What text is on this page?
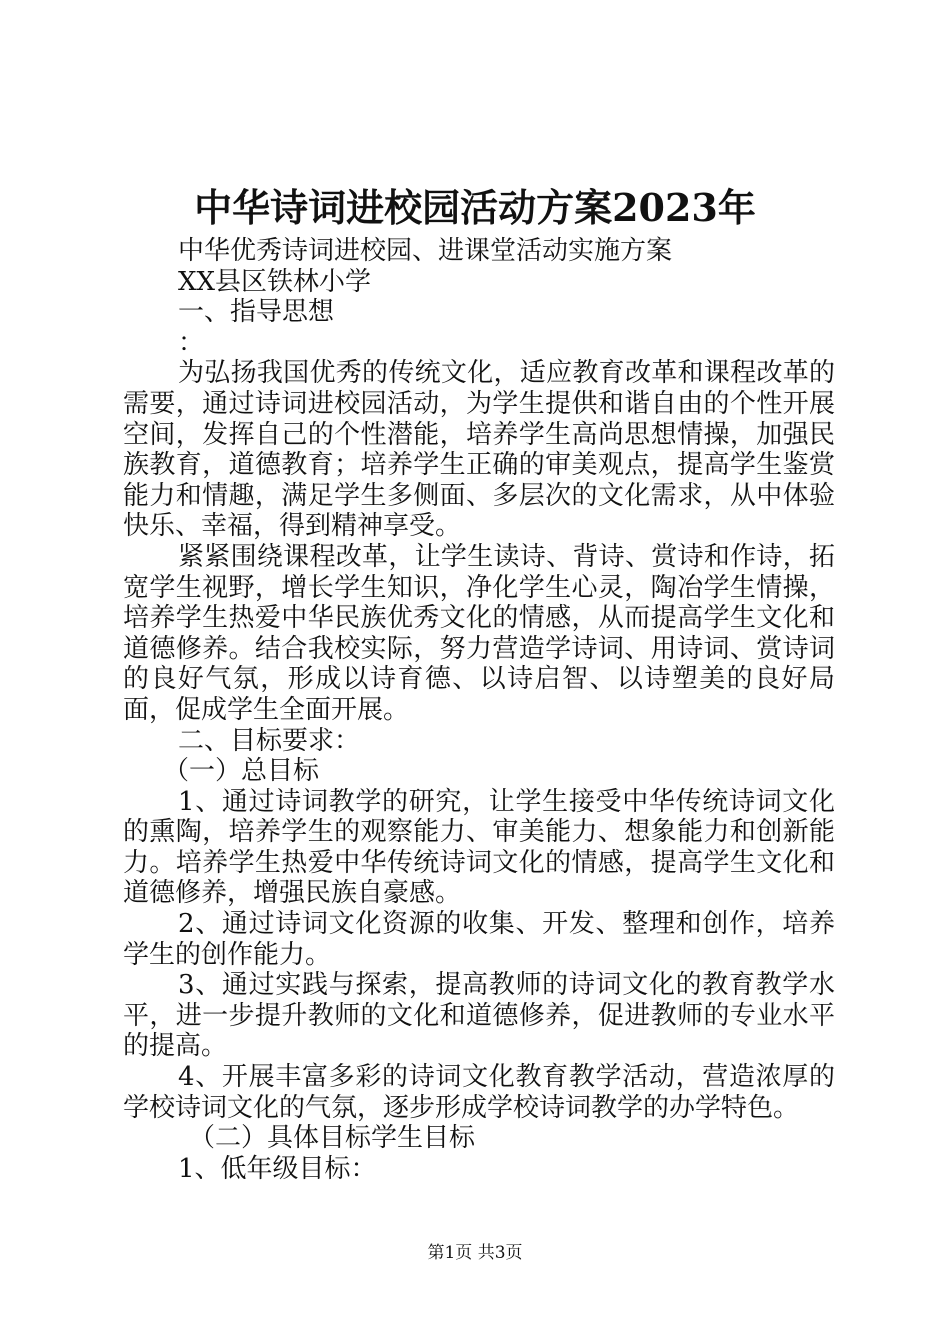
中华诗词进校园活动方案2023年

中华优秀诗词进校园、进课堂活动实施方案

XX县区铁林小学

一、指导思想

：

为弘扬我国优秀的传统文化，适应教育改革和课程改革的需要，通过诗词进校园活动，为学生提供和谐自由的个性开展空间，发挥自己的个性潜能，培养学生高尚思想情操，加强民族教育，道德教育；培养学生正确的审美观点，提高学生鉴赏能力和情趣，满足学生多侧面、多层次的文化需求，从中体验快乐、幸福，得到精神享受。

紧紧围绕课程改革，让学生读诗、背诗、赏诗和作诗，拓宽学生视野，增长学生知识，净化学生心灵，陶冶学生情操，培养学生热爱中华民族优秀文化的情感，从而提高学生文化和道德修养。结合我校实际，努力营造学诗词、用诗词、赏诗词的良好气氛，形成以诗育德、以诗启智、以诗塑美的良好局面，促成学生全面开展。

二、目标要求：

（一）总目标

1、通过诗词教学的研究，让学生接受中华传统诗词文化的熏陶，培养学生的观察能力、审美能力、想象能力和创新能力。培养学生热爱中华传统诗词文化的情感，提高学生文化和道德修养，增强民族自豪感。

2、通过诗词文化资源的收集、开发、整理和创作，培养学生的创作能力。

3、通过实践与探索，提高教师的诗词文化的教育教学水平，进一步提升教师的文化和道德修养，促进教师的专业水平的提高。

4、开展丰富多彩的诗词文化教育教学活动，营造浓厚的学校诗词文化的气氛，逐步形成学校诗词教学的办学特色。

（二）具体目标学生目标

1、低年级目标：

第1页 共3页
